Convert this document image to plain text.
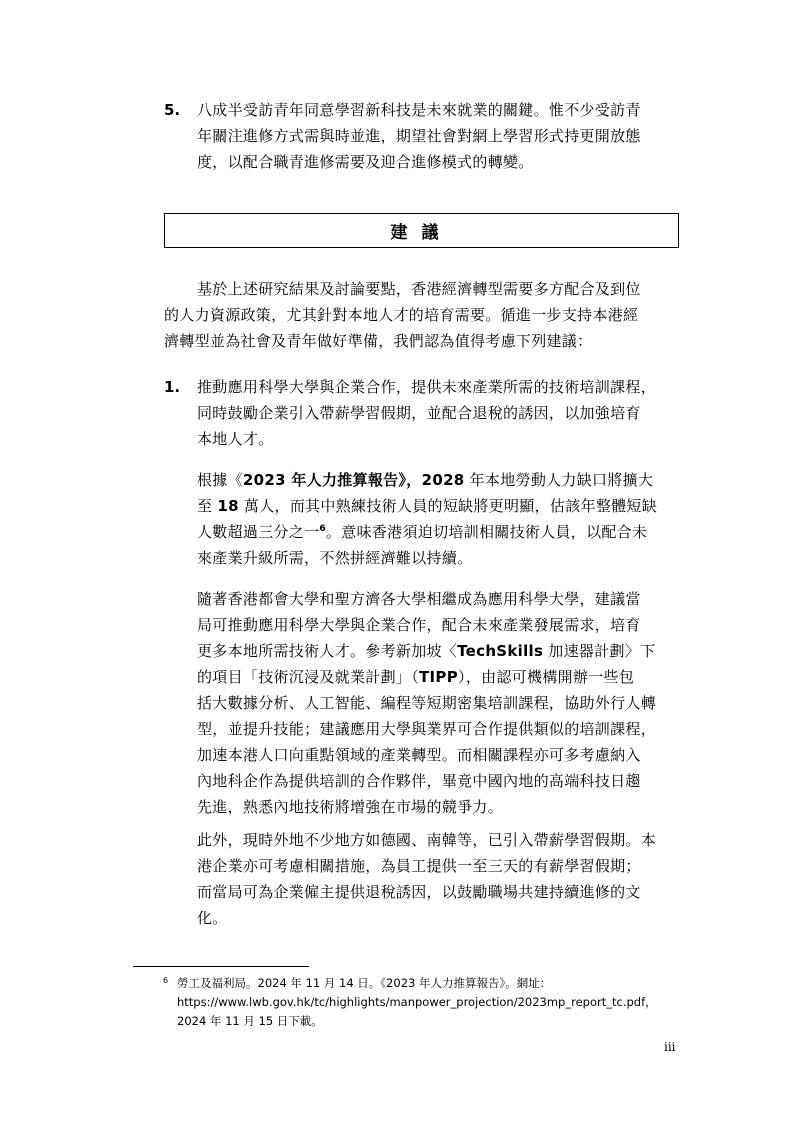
5. 八成半受訪青年同意學習新科技是未來就業的關鍵。惟不少受訪青
年關注進修方式需與時並進，期望社會對網上學習形式持更開放態
度，以配合職青進修需要及迎合進修模式的轉變。
建議
基於上述研究結果及討論要點，香港經濟轉型需要多方配合及到位
的人力資源政策，尤其針對本地人才的培育需要。循進一步支持本港經
濟轉型並為社會及青年做好準備，我們認為值得考慮下列建議：
1. 推動應用科學大學與企業合作，提供未來產業所需的技術培訓課程，
同時鼓勵企業引入帶薪學習假期，並配合退稅的誘因，以加強培育
本地人才。
根據《2023 年人力推算報告》，2028 年本地勞動人力缺口將擴大
至 18 萬人，而其中熟練技術人員的短缺將更明顯，估該年整體短缺
人數超過三分之一$^6$。意味香港須迫切培訓相關技術人員，以配合未
來產業升級所需，不然拼經濟難以持續。
隨著香港都會大學和聖方濟各大學相繼成為應用科學大學，建議當
局可推動應用科學大學與企業合作，配合未來產業發展需求，培育
更多本地所需技術人才。參考新加坡〈TechSkills 加速器計劃〉下
的項目「技術沉浸及就業計劃」（TIPP），由認可機構開辦一些包
括大數據分析、人工智能、編程等短期密集培訓課程，協助外行人轉
型，並提升技能；建議應用大學與業界可合作提供類似的培訓課程，
加速本港人口向重點領域的產業轉型。而相關課程亦可多考慮納入
內地科企作為提供培訓的合作夥伴，畢竟中國內地的高端科技日趨
先進，熟悉內地技術將增強在市場的競爭力。
此外，現時外地不少地方如德國、南韓等，已引入帶薪學習假期。本
港企業亦可考慮相關措施，為員工提供一至三天的有薪學習假期；
而當局可為企業僱主提供退稅誘因，以鼓勵職場共建持續進修的文
化。
6 勞工及福利局。2024 年 11 月 14 日。《2023 年人力推算報告》。網址：
https://www.lwb.gov.hk/tc/highlights/manpower_projection/2023mp_report_tc.pdf，
2024 年 11 月 15 日下載。
iii
